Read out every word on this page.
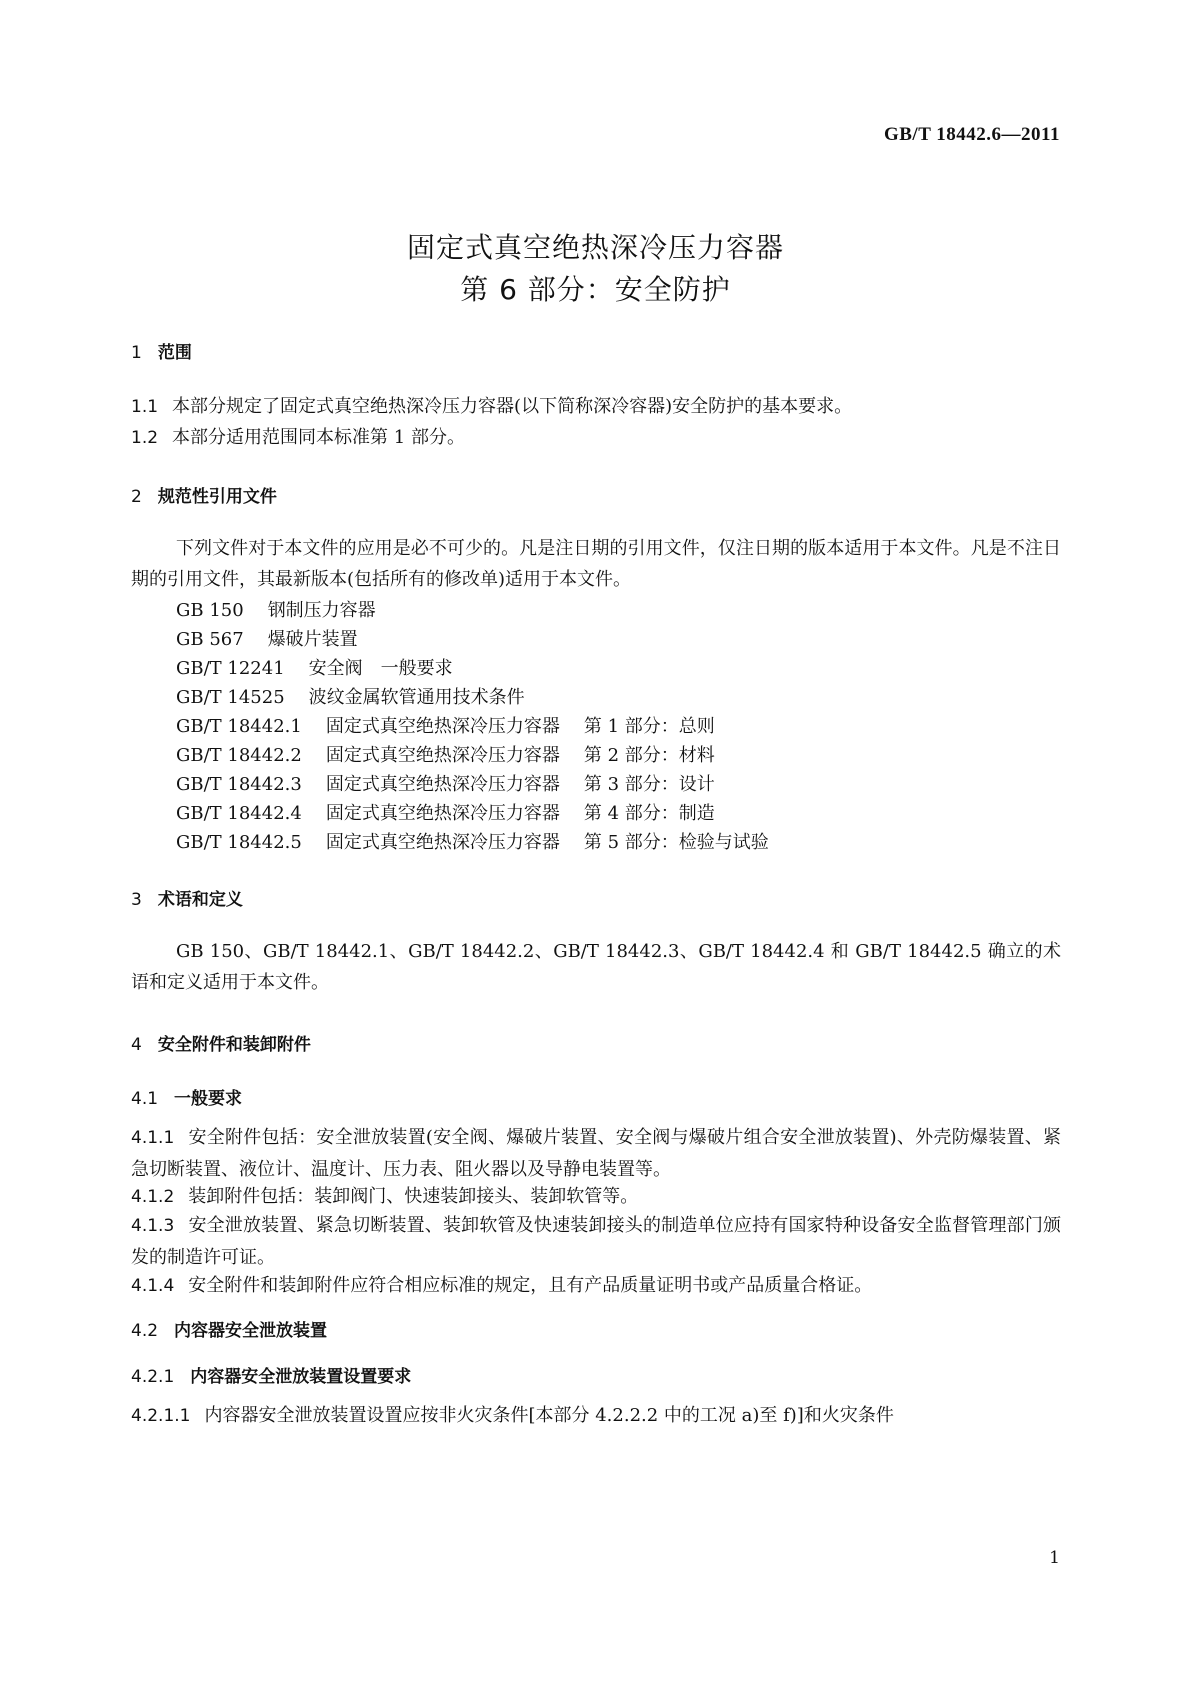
GB/T 18442.6—2011
固定式真空绝热深冷压力容器
第 6 部分：安全防护
1 范围
1.1 本部分规定了固定式真空绝热深冷压力容器(以下简称深冷容器)安全防护的基本要求。
1.2 本部分适用范围同本标准第 1 部分。
2 规范性引用文件
下列文件对于本文件的应用是必不可少的。凡是注日期的引用文件，仅注日期的版本适用于本文件。凡是不注日期的引用文件，其最新版本(包括所有的修改单)适用于本文件。
GB 150 钢制压力容器
GB 567 爆破片装置
GB/T 12241 安全阀　一般要求
GB/T 14525 波纹金属软管通用技术条件
GB/T 18442.1 固定式真空绝热深冷压力容器 第 1 部分：总则
GB/T 18442.2 固定式真空绝热深冷压力容器 第 2 部分：材料
GB/T 18442.3 固定式真空绝热深冷压力容器 第 3 部分：设计
GB/T 18442.4 固定式真空绝热深冷压力容器 第 4 部分：制造
GB/T 18442.5 固定式真空绝热深冷压力容器 第 5 部分：检验与试验
3 术语和定义
GB 150、GB/T 18442.1、GB/T 18442.2、GB/T 18442.3、GB/T 18442.4 和 GB/T 18442.5 确立的术语和定义适用于本文件。
4 安全附件和装卸附件
4.1 一般要求
4.1.1 安全附件包括：安全泄放装置(安全阀、爆破片装置、安全阀与爆破片组合安全泄放装置)、外壳防爆装置、紧急切断装置、液位计、温度计、压力表、阻火器以及导静电装置等。
4.1.2 装卸附件包括：装卸阀门、快速装卸接头、装卸软管等。
4.1.3 安全泄放装置、紧急切断装置、装卸软管及快速装卸接头的制造单位应持有国家特种设备安全监督管理部门颁发的制造许可证。
4.1.4 安全附件和装卸附件应符合相应标准的规定，且有产品质量证明书或产品质量合格证。
4.2 内容器安全泄放装置
4.2.1 内容器安全泄放装置设置要求
4.2.1.1 内容器安全泄放装置设置应按非火灾条件[本部分 4.2.2.2 中的工况 a)至 f)]和火灾条件
1
